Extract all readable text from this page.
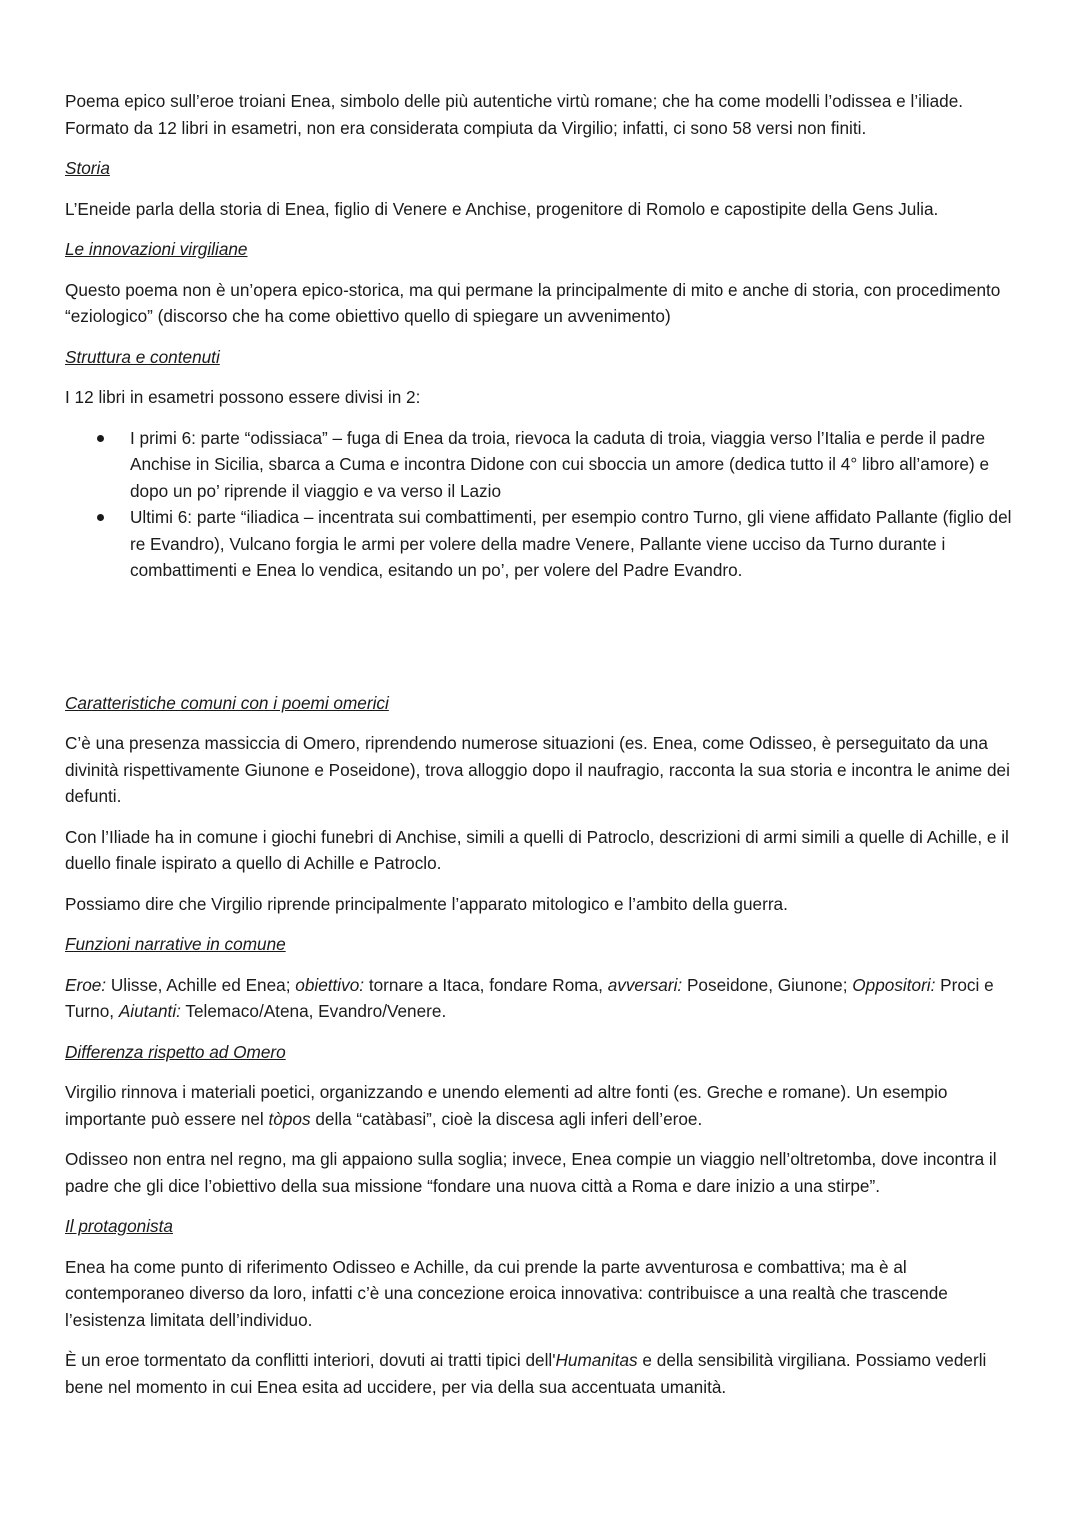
Poema epico sull’eroe troiani Enea, simbolo delle più autentiche virtù romane; che ha come modelli l’odissea e l’iliade. Formato da 12 libri in esametri, non era considerata compiuta da Virgilio; infatti, ci sono 58 versi non finiti.

Storia

L’Eneide parla della storia di Enea, figlio di Venere e Anchise, progenitore di Romolo e capostipite della Gens Julia.

Le innovazioni virgiliane

Questo poema non è un’opera epico-storica, ma qui permane la principalmente di mito e anche di storia, con procedimento “eziologico” (discorso che ha come obiettivo quello di spiegare un avvenimento)

Struttura e contenuti

I 12 libri in esametri possono essere divisi in 2:

I primi 6: parte “odissiaca” – fuga di Enea da troia, rievoca la caduta di troia, viaggia verso l’Italia e perde il padre Anchise in Sicilia, sbarca a Cuma e incontra Didone con cui sboccia un amore (dedica tutto il 4° libro all’amore) e dopo un po’ riprende il viaggio e va verso il Lazio
Ultimi 6: parte “iliadica – incentrata sui combattimenti, per esempio contro Turno, gli viene affidato Pallante (figlio del re Evandro), Vulcano forgia le armi per volere della madre Venere, Pallante viene ucciso da Turno durante i combattimenti e Enea lo vendica, esitando un po’, per volere del Padre Evandro.
Caratteristiche comuni con i poemi omerici

C’è una presenza massiccia di Omero, riprendendo numerose situazioni (es. Enea, come Odisseo, è perseguitato da una divinità rispettivamente Giunone e Poseidone), trova alloggio dopo il naufragio, racconta la sua storia e incontra le anime dei defunti.

Con l’Iliade ha in comune i giochi funebri di Anchise, simili a quelli di Patroclo, descrizioni di armi simili a quelle di Achille, e il duello finale ispirato a quello di Achille e Patroclo.

Possiamo dire che Virgilio riprende principalmente l’apparato mitologico e l’ambito della guerra.

Funzioni narrative in comune

Eroe: Ulisse, Achille ed Enea; obiettivo: tornare a Itaca, fondare Roma, avversari: Poseidone, Giunone; Oppositori: Proci e Turno, Aiutanti: Telemaco/Atena, Evandro/Venere.

Differenza rispetto ad Omero

Virgilio rinnova i materiali poetici, organizzando e unendo elementi ad altre fonti (es. Greche e romane). Un esempio importante può essere nel tòpos della “catàbasi”, cioè la discesa agli inferi dell’eroe.

Odisseo non entra nel regno, ma gli appaiono sulla soglia; invece, Enea compie un viaggio nell’oltretomba, dove incontra il padre che gli dice l’obiettivo della sua missione “fondare una nuova città a Roma e dare inizio a una stirpe”.

Il protagonista

Enea ha come punto di riferimento Odisseo e Achille, da cui prende la parte avventurosa e combattiva; ma è al contemporaneo diverso da loro, infatti c’è una concezione eroica innovativa: contribuisce a una realtà che trascende l’esistenza limitata dell’individuo.

È un eroe tormentato da conflitti interiori, dovuti ai tratti tipici dell'Humanitas e della sensibilità virgiliana. Possiamo vederli bene nel momento in cui Enea esita ad uccidere, per via della sua accentuata umanità.
